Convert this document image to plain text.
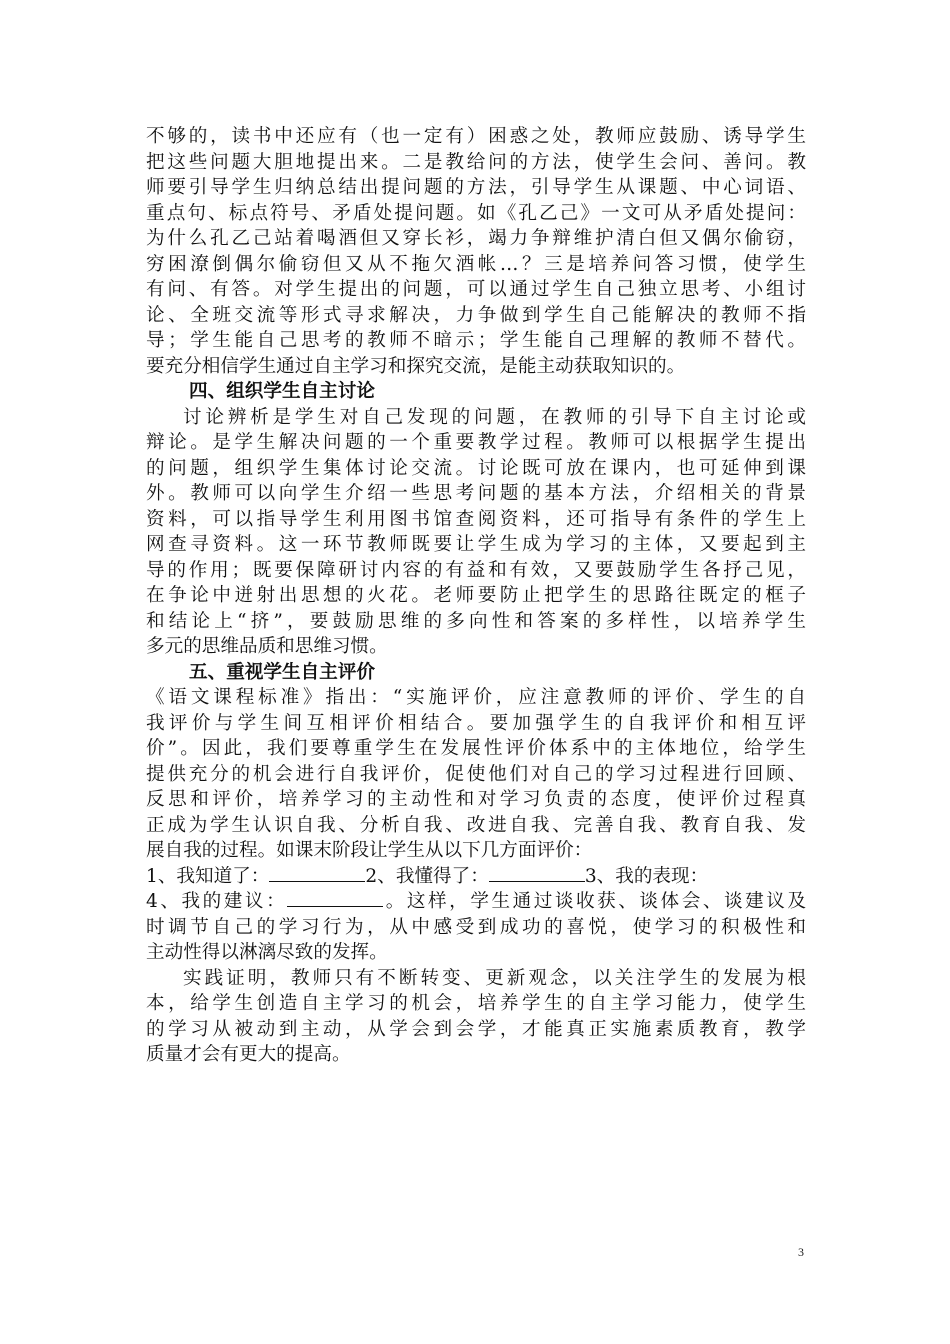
不够的，读书中还应有（也一定有）困惑之处，教师应鼓励、诱导学生
把这些问题大胆地提出来。二是教给问的方法，使学生会问、善问。教
师要引导学生归纳总结出提问题的方法，引导学生从课题、中心词语、
重点句、标点符号、矛盾处提问题。如《孔乙己》一文可从矛盾处提问：
为什么孔乙己站着喝酒但又穿长衫，竭力争辩维护清白但又偶尔偷窃，
穷困潦倒偶尔偷窃但又从不拖欠酒帐…？三是培养问答习惯，使学生
有问、有答。对学生提出的问题，可以通过学生自己独立思考、小组讨
论、全班交流等形式寻求解决，力争做到学生自己能解决的教师不指
导；学生能自己思考的教师不暗示；学生能自己理解的教师不替代。
要充分相信学生通过自主学习和探究交流，是能主动获取知识的。
四、组织学生自主讨论
讨论辨析是学生对自己发现的问题，在教师的引导下自主讨论或
辩论。是学生解决问题的一个重要教学过程。教师可以根据学生提出
的问题，组织学生集体讨论交流。讨论既可放在课内，也可延伸到课
外。教师可以向学生介绍一些思考问题的基本方法，介绍相关的背景
资料，可以指导学生利用图书馆查阅资料，还可指导有条件的学生上
网查寻资料。这一环节教师既要让学生成为学习的主体，又要起到主
导的作用；既要保障研讨内容的有益和有效，又要鼓励学生各抒己见，
在争论中迸射出思想的火花。老师要防止把学生的思路往既定的框子
和结论上“挤”，要鼓励思维的多向性和答案的多样性，以培养学生
多元的思维品质和思维习惯。
五、重视学生自主评价
《语文课程标准》指出：“实施评价，应注意教师的评价、学生的自
我评价与学生间互相评价相结合。要加强学生的自我评价和相互评
价”。因此，我们要尊重学生在发展性评价体系中的主体地位，给学生
提供充分的机会进行自我评价，促使他们对自己的学习过程进行回顾、
反思和评价，培养学习的主动性和对学习负责的态度，使评价过程真
正成为学生认识自我、分析自我、改进自我、完善自我、教育自我、发
展自我的过程。如课末阶段让学生从以下几方面评价：
1、我知道了：	2、我懂得了：	3、我的表现：
4、我的建议：	。这样，学生通过谈收获、谈体会、谈建议及
时调节自己的学习行为，从中感受到成功的喜悦，使学习的积极性和
主动性得以淋漓尽致的发挥。
实践证明，教师只有不断转变、更新观念，以关注学生的发展为根
本，给学生创造自主学习的机会，培养学生的自主学习能力，使学生
的学习从被动到主动，从学会到会学，才能真正实施素质教育，教学
质量才会有更大的提高。
3
